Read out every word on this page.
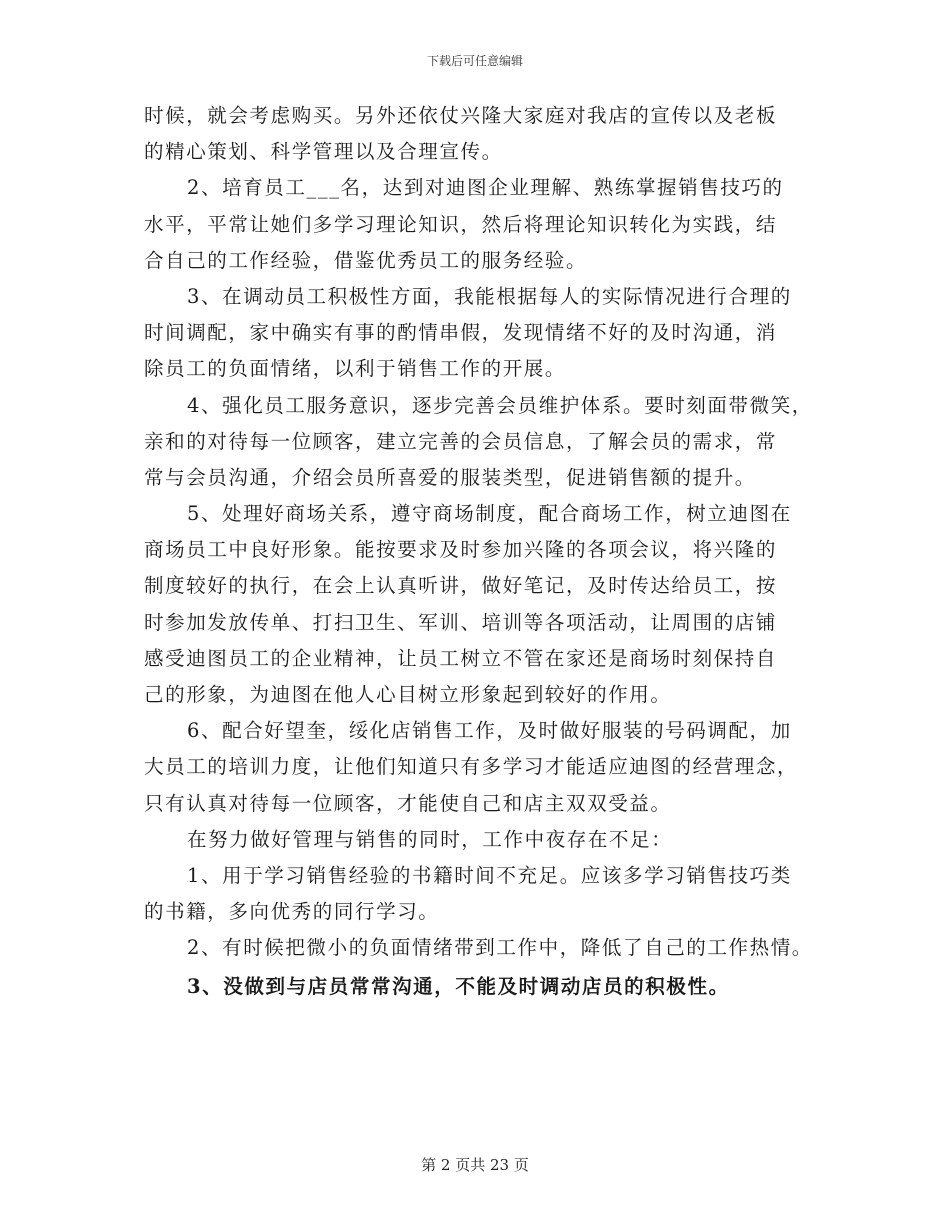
下载后可任意编辑
时候，就会考虑购买。另外还依仗兴隆大家庭对我店的宣传以及老板
的精心策划、科学管理以及合理宣传。
2、培育员工___名，达到对迪图企业理解、熟练掌握销售技巧的
水平，平常让她们多学习理论知识，然后将理论知识转化为实践，结
合自己的工作经验，借鉴优秀员工的服务经验。
3、在调动员工积极性方面，我能根据每人的实际情况进行合理的
时间调配，家中确实有事的酌情串假，发现情绪不好的及时沟通，消
除员工的负面情绪，以利于销售工作的开展。
4、强化员工服务意识，逐步完善会员维护体系。要时刻面带微笑，
亲和的对待每一位顾客，建立完善的会员信息，了解会员的需求，常
常与会员沟通，介绍会员所喜爱的服装类型，促进销售额的提升。
5、处理好商场关系，遵守商场制度，配合商场工作，树立迪图在
商场员工中良好形象。能按要求及时参加兴隆的各项会议，将兴隆的
制度较好的执行，在会上认真听讲，做好笔记，及时传达给员工，按
时参加发放传单、打扫卫生、军训、培训等各项活动，让周围的店铺
感受迪图员工的企业精神，让员工树立不管在家还是商场时刻保持自
己的形象，为迪图在他人心目树立形象起到较好的作用。
6、配合好望奎，绥化店销售工作，及时做好服装的号码调配，加
大员工的培训力度，让他们知道只有多学习才能适应迪图的经营理念，
只有认真对待每一位顾客，才能使自己和店主双双受益。
在努力做好管理与销售的同时，工作中夜存在不足：
1、用于学习销售经验的书籍时间不充足。应该多学习销售技巧类
的书籍，多向优秀的同行学习。
2、有时候把微小的负面情绪带到工作中，降低了自己的工作热情。
3、没做到与店员常常沟通，不能及时调动店员的积极性。
第 2 页共 23 页
